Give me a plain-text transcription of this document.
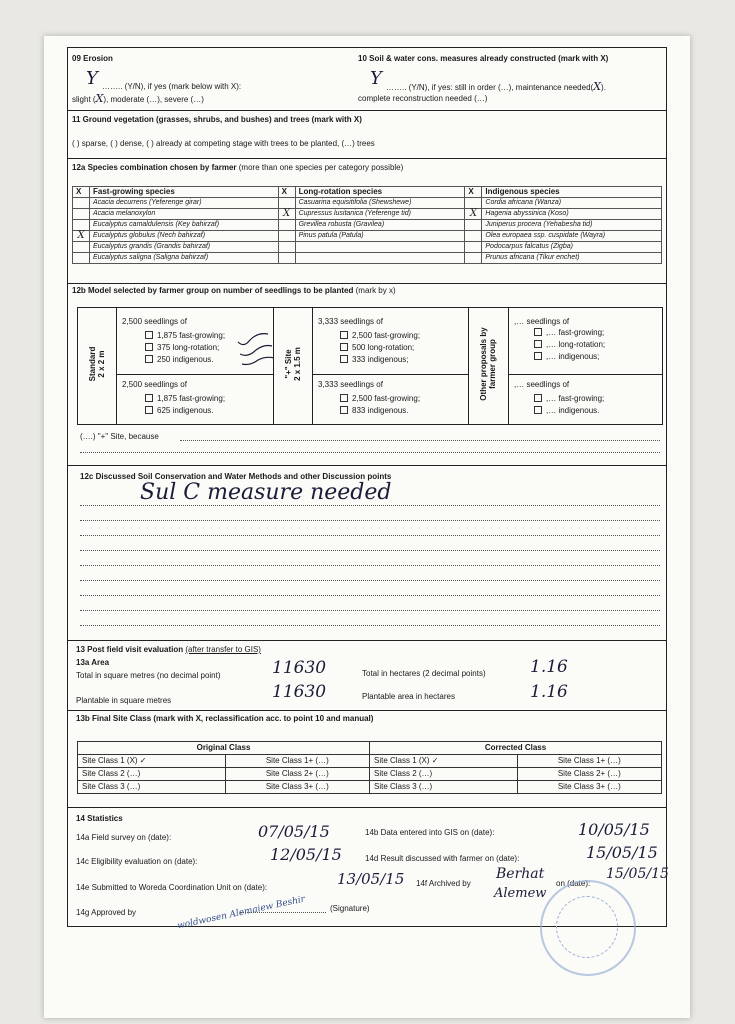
09 Erosion
Y …….. (Y/N), if yes (mark below with X):
slight (X), moderate (…), severe (…)
10 Soil & water cons. measures already constructed (mark with X)
Y …….. (Y/N), if yes: still in order (…), maintenance needed(X).
complete reconstruction needed (…)
11 Ground vegetation (grasses, shrubs, and bushes) and trees (mark with X)
( ) sparse, ( ) dense, ( ) already at competing stage with trees to be planted, (…) trees
12a Species combination chosen by farmer (more than one species per category possible)
X	Fast-growing species	X	Long-rotation species	X	Indigenous species
	Acacia decurrens (Yeferenge girar)		Casuarina equisitifolia (Shewshewe)		Cordia africana (Wanza)
	Acacia melanoxylon	X	Cupressus lusitanica (Yeferenge tid)	X	Hagenia abyssinica (Koso)
	Eucalyptus camaldulensis (Key bahirzaf)		Grevillea robusta (Gravilea)		Juniperus procera (Yehabesha tid)
X	Eucalyptus globulus (Nech bahirzaf)		Pinus patula (Patula)		Olea europaea ssp. cuspidate (Wayra)
	Eucalyptus grandis (Grandis bahirzaf)				Podocarpus falcatus (Zigba)
	Eucalyptus saligna (Saligna bahirzaf)				Prunus africana (Tikur enchet)
12b Model selected by farmer group on number of seedlings to be planted (mark by x)
Standard 2 x 2 m	"+" Site 2 x 1.5 m	Other proposals by farmer group
2,500 seedlings of
1,875 fast-growing;
375 long-rotation;
250 indigenous.
2,500 seedlings of
1,875 fast-growing;
625 indigenous.
3,333 seedlings of
2,500 fast-growing;
500 long-rotation;
333 indigenous;
3,333 seedlings of
2,500 fast-growing;
833 indigenous.
,… seedlings of
,… fast-growing;
,… long-rotation;
,… indigenous;
,… seedlings of
,… fast-growing;
,… indigenous.
(….) "+" Site, because
12c Discussed Soil Conservation and Water Methods and other Discussion points
Sul C measure needed
13 Post field visit evaluation (after transfer to GIS)
13a Area
Total in square metres (no decimal point)	11630	Total in hectares (2 decimal points)	1.16
Plantable in square metres	11630	Plantable area in hectares	1.16
13b Final Site Class (mark with X, reclassification acc. to point 10 and manual)
Original Class		Corrected Class	
Site Class 1 (X) ✓	Site Class 1+ (…)	Site Class 1 (X) ✓	Site Class 1+ (…)
Site Class 2 (…)	Site Class 2+ (…)	Site Class 2 (…)	Site Class 2+ (…)
Site Class 3 (…)	Site Class 3+ (…)	Site Class 3 (…)	Site Class 3+ (…)
14 Statistics
14a Field survey on (date):	07/05/15	14b Data entered into GIS on (date):	10/05/15
14c Eligibility evaluation on (date):	12/05/15	14d Result discussed with farmer on (date):	15/05/15
14e Submitted to Woreda Coordination Unit on (date):	13/05/15 14f Archived by
Berhat
on (date):
15/05/15
Alemew
14g Approved by	woldwosen Alemaiew Beshir	(Signature)
